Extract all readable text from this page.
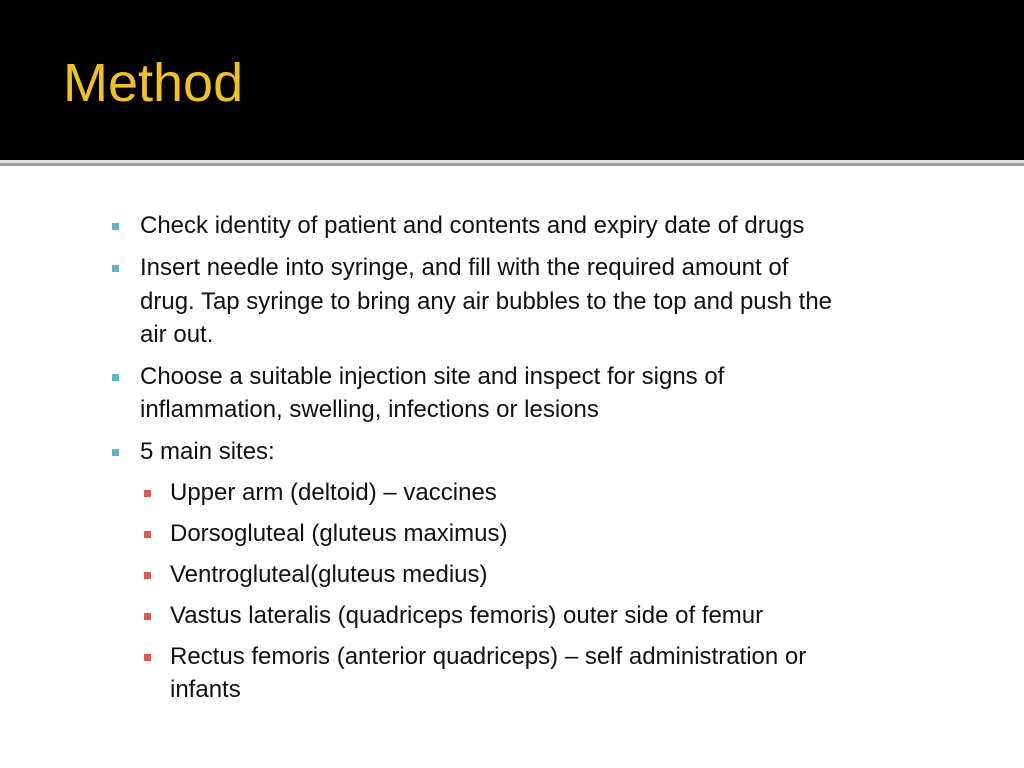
Method

Check identity of patient and contents and expiry date of drugs

Insert needle into syringe, and fill with the required amount of

drug. Tap syringe to bring any air bubbles to the top and push the

air out.

Choose a suitable injection site and inspect for signs of

inflammation, swelling, infections or lesions

5 main sites:

Upper arm (deltoid) – vaccines

Dorsogluteal (gluteus maximus)

Ventrogluteal(gluteus medius)

Vastus lateralis (quadriceps femoris) outer side of femur

Rectus femoris (anterior quadriceps) – self administration or

infants
